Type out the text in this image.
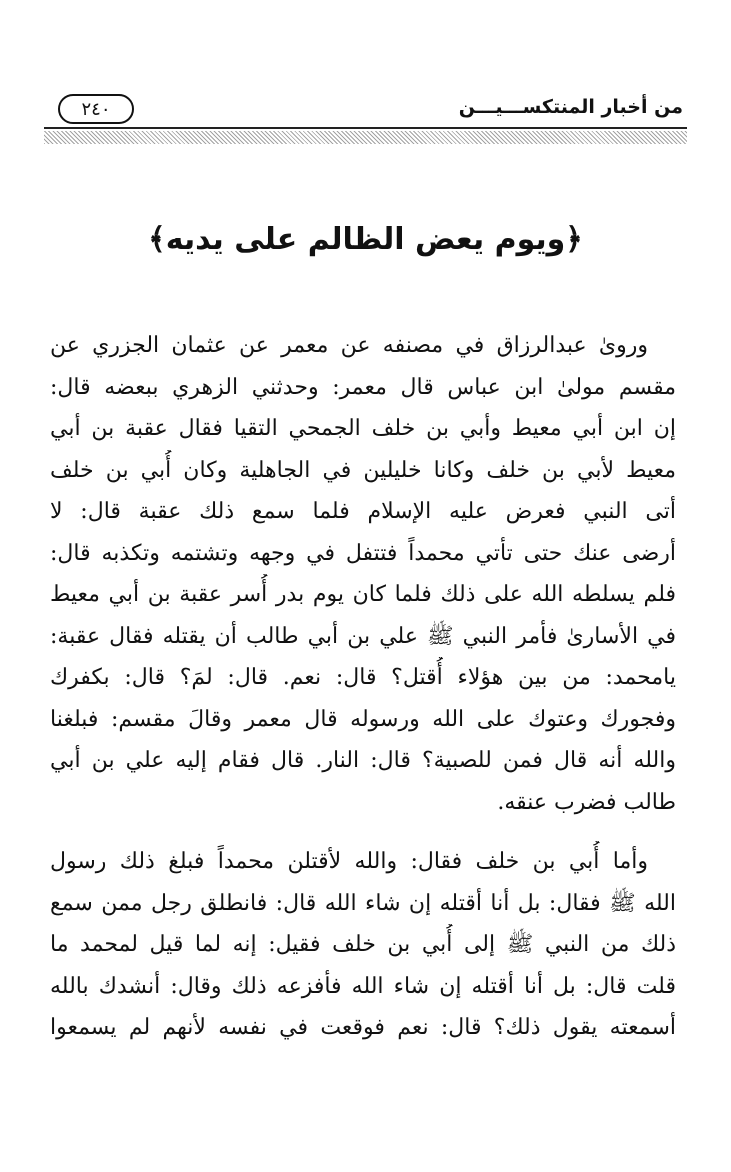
من أخبار المنتكســـيـــن
٢٤٠
﴿ويوم يعض الظالم على يديه﴾
وروىٰ عبدالرزاق في مصنفه عن معمر عن عثمان الجزري عن
مقسم مولىٰ ابن عباس قال معمر: وحدثني الزهري ببعضه قال:
إن ابن أبي معيط وأبي بن خلف الجمحي التقيا فقال عقبة بن أبي
معيط لأبي بن خلف وكانا خليلين في الجاهلية وكان أُبي بن خلف
أتى النبي فعرض عليه الإسلام فلما سمع ذلك عقبة قال: لا
أرضى عنك حتى تأتي محمداً فتتفل في وجهه وتشتمه وتكذبه قال:
فلم يسلطه الله على ذلك فلما كان يوم بدر أُسر عقبة بن أبي معيط
في الأسارىٰ فأمر النبي ﷺ علي بن أبي طالب أن يقتله فقال عقبة:
يامحمد: من بين هؤلاء أُقتل؟ قال: نعم. قال: لمَ؟ قال: بكفرك
وفجورك وعتوك على الله ورسوله قال معمر وقالَ مقسم: فبلغنا
والله أنه قال فمن للصبية؟ قال: النار. قال فقام إليه علي بن أبي
طالب فضرب عنقه.
وأما أُبي بن خلف فقال: والله لأقتلن محمداً فبلغ ذلك رسول
الله ﷺ فقال: بل أنا أقتله إن شاء الله قال: فانطلق رجل ممن سمع
ذلك من النبي ﷺ إلى أُبي بن خلف فقيل: إنه لما قيل لمحمد ما
قلت قال: بل أنا أقتله إن شاء الله فأفزعه ذلك وقال: أنشدك بالله
أسمعته يقول ذلك؟ قال: نعم فوقعت في نفسه لأنهم لم يسمعوا
